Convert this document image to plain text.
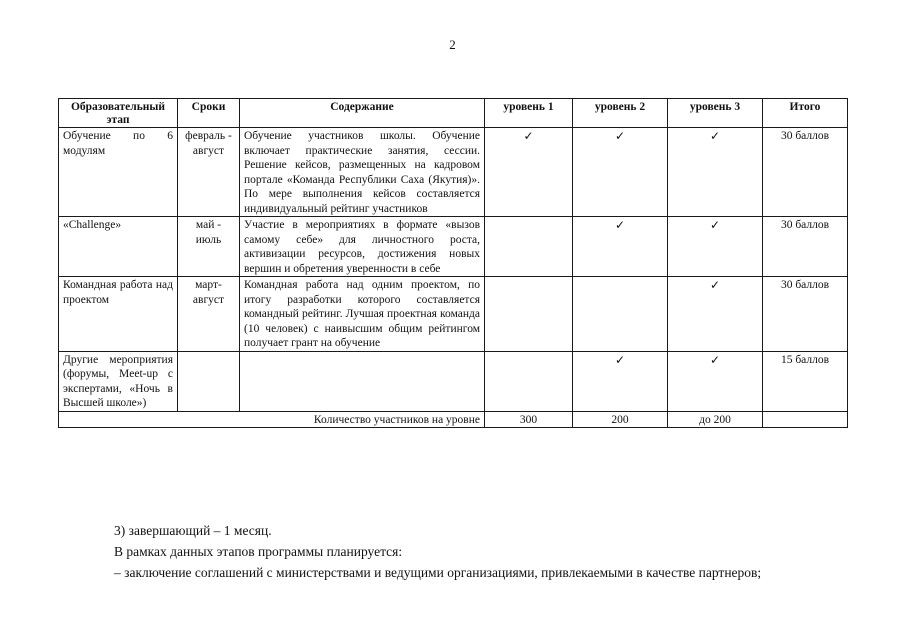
2
Образовательный этап	Сроки	Содержание	уровень 1	уровень 2	уровень 3	Итого
Обучение по 6 модулям	февраль - август	Обучение участников школы. Обучение включает практические занятия, сессии. Решение кейсов, размещенных на кадровом портале «Команда Республики Саха (Якутия)». По мере выполнения кейсов составляется индивидуальный рейтинг участников	✓	✓	✓	30 баллов
«Challenge»	май - июль	Участие в мероприятиях в формате «вызов самому себе» для личностного роста, активизации ресурсов, достижения новых вершин и обретения уверенности в себе		✓	✓	30 баллов
Командная работа над проектом	март- август	Командная работа над одним проектом, по итогу разработки которого составляется командный рейтинг. Лучшая проектная команда (10 человек) с наивысшим общим рейтингом получает грант на обучение			✓	30 баллов
Другие мероприятия (форумы, Meet-up с экспертами, «Ночь в Высшей школе»)				✓	✓	15 баллов
Количество участников на уровне			300	200	до 200	
3) завершающий – 1 месяц.
В рамках данных этапов программы планируется:
– заключение соглашений с министерствами и ведущими организациями, привлекаемыми в качестве партнеров;
